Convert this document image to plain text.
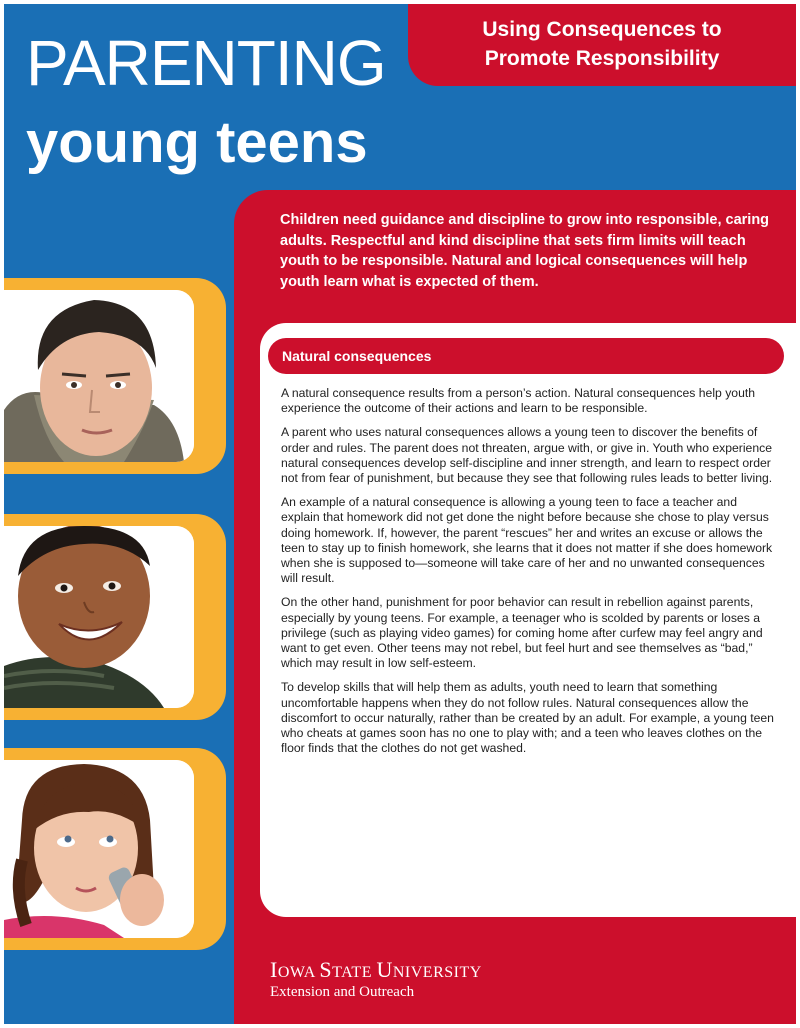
Using Consequences to
Promote Responsibility
PARENTING
young teens
Children need guidance and discipline to grow into responsible, caring adults. Respectful and kind discipline that sets firm limits will teach youth to be responsible. Natural and logical consequences will help youth learn what is expected of them.
Natural consequences

A natural consequence results from a person’s action. Natural consequences help youth experience the outcome of their actions and learn to be responsible.

A parent who uses natural consequences allows a young teen to discover the benefits of order and rules. The parent does not threaten, argue with, or give in. Youth who experience natural consequences develop self-discipline and inner strength, and learn to respect order not from fear of punishment, but because they see that following rules leads to better living.

An example of a natural consequence is allowing a young teen to face a teacher and explain that homework did not get done the night before because she chose to play versus doing homework. If, however, the parent “rescues” her and writes an excuse or allows the teen to stay up to finish homework, she learns that it does not matter if she does homework when she is supposed to—someone will take care of her and no unwanted consequences will result.

On the other hand, punishment for poor behavior can result in rebellion against parents, especially by young teens. For example, a teenager who is scolded by parents or loses a privilege (such as playing video games) for coming home after curfew may feel angry and want to get even. Other teens may not rebel, but feel hurt and see themselves as “bad,” which may result in low self-esteem.

To develop skills that will help them as adults, youth need to learn that something uncomfortable happens when they do not follow rules. Natural consequences allow the discomfort to occur naturally, rather than be created by an adult. For example, a young teen who cheats at games soon has no one to play with; and a teen who leaves clothes on the floor finds that the clothes do not get washed.

IOWA STATE UNIVERSITY
Extension and Outreach
